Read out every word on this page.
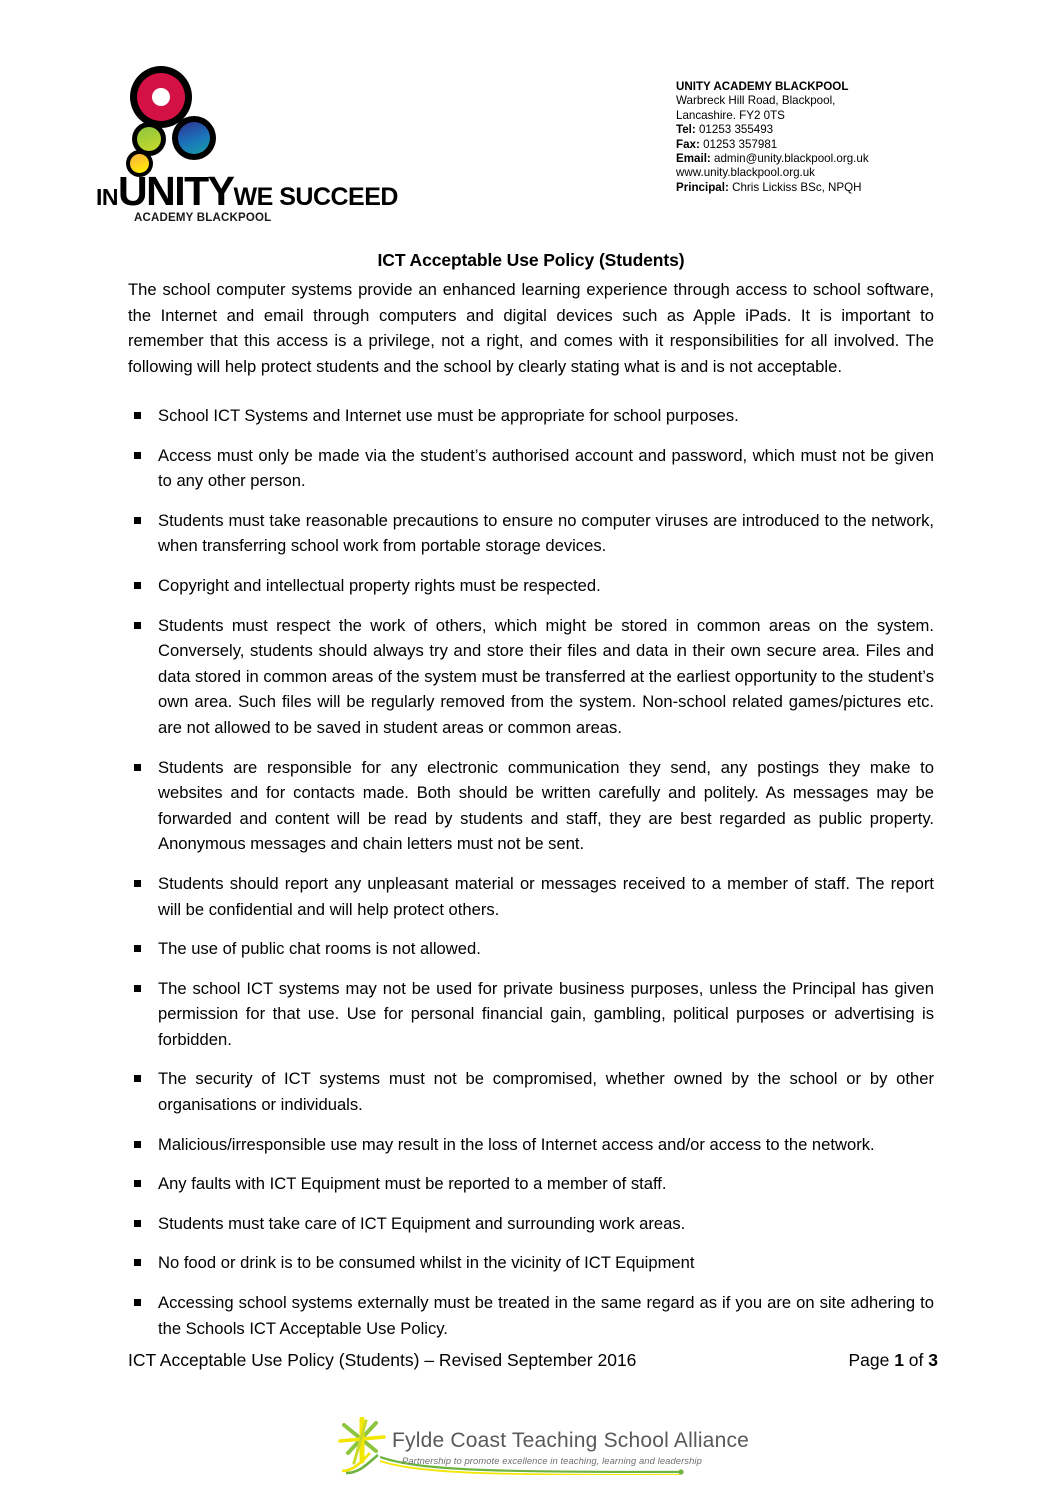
INUNITYWE SUCCEED
ACADEMY BLACKPOOL
UNITY ACADEMY BLACKPOOL
Warbreck Hill Road, Blackpool,
Lancashire. FY2 0TS
Tel: 01253 355493
Fax: 01253 357981
Email: admin@unity.blackpool.org.uk
www.unity.blackpool.org.uk
Principal: Chris Lickiss BSc, NPQH
ICT Acceptable Use Policy (Students)
The school computer systems provide an enhanced learning experience through access to school software, the Internet and email through computers and digital devices such as Apple iPads. It is important to remember that this access is a privilege, not a right, and comes with it responsibilities for all involved. The following will help protect students and the school by clearly stating what is and is not acceptable.
School ICT Systems and Internet use must be appropriate for school purposes.
Access must only be made via the student’s authorised account and password, which must not be given to any other person.
Students must take reasonable precautions to ensure no computer viruses are introduced to the network, when transferring school work from portable storage devices.
Copyright and intellectual property rights must be respected.
Students must respect the work of others, which might be stored in common areas on the system. Conversely, students should always try and store their files and data in their own secure area. Files and data stored in common areas of the system must be transferred at the earliest opportunity to the student’s own area. Such files will be regularly removed from the system. Non-school related games/pictures etc. are not allowed to be saved in student areas or common areas.
Students are responsible for any electronic communication they send, any postings they make to websites and for contacts made. Both should be written carefully and politely. As messages may be forwarded and content will be read by students and staff, they are best regarded as public property. Anonymous messages and chain letters must not be sent.
Students should report any unpleasant material or messages received to a member of staff. The report will be confidential and will help protect others.
The use of public chat rooms is not allowed.
The school ICT systems may not be used for private business purposes, unless the Principal has given permission for that use. Use for personal financial gain, gambling, political purposes or advertising is forbidden.
The security of ICT systems must not be compromised, whether owned by the school or by other organisations or individuals.
Malicious/irresponsible use may result in the loss of Internet access and/or access to the network.
Any faults with ICT Equipment must be reported to a member of staff.
Students must take care of ICT Equipment and surrounding work areas.
No food or drink is to be consumed whilst in the vicinity of ICT Equipment
Accessing school systems externally must be treated in the same regard as if you are on site adhering to the Schools ICT Acceptable Use Policy.
ICT Acceptable Use Policy (Students) – Revised September 2016	Page 1 of 3
Fylde Coast Teaching School Alliance
Partnership to promote excellence in teaching, learning and leadership
